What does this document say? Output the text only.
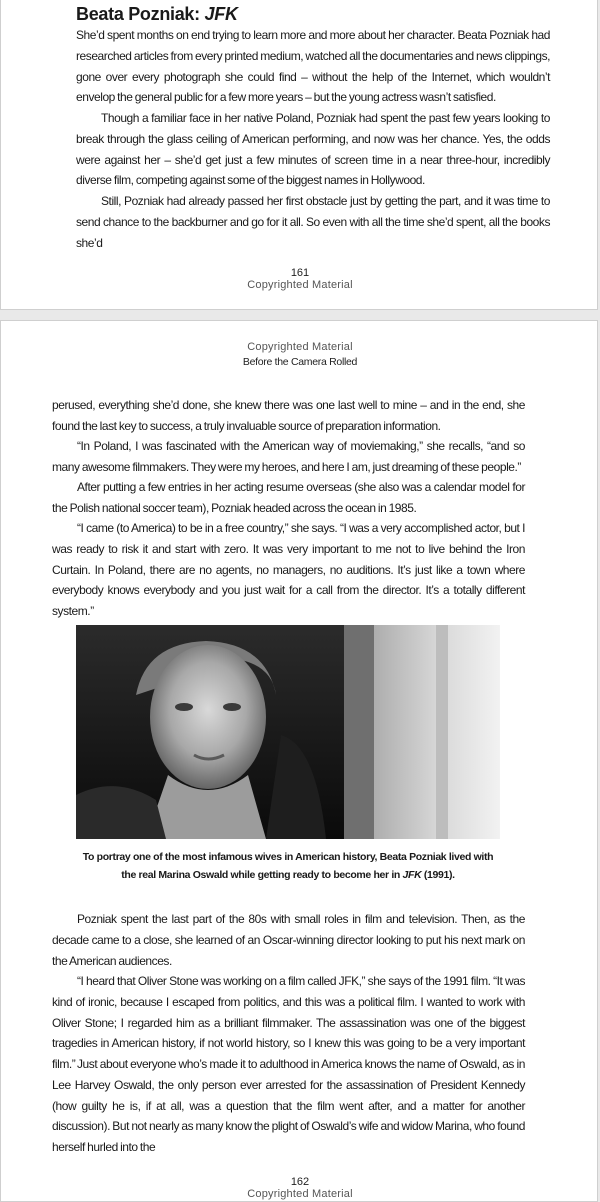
Beata Pozniak: JFK

She’d spent months on end trying to learn more and more about her character. Beata Pozniak had researched articles from every printed medium, watched all the documentaries and news clippings, gone over every photograph she could find – without the help of the Internet, which wouldn’t envelop the general public for a few more years – but the young actress wasn’t satisfied.

Though a familiar face in her native Poland, Pozniak had spent the past few years looking to break through the glass ceiling of American performing, and now was her chance. Yes, the odds were against her – she’d get just a few minutes of screen time in a near three-hour, incredibly diverse film, competing against some of the biggest names in Hollywood.

Still, Pozniak had already passed her first obstacle just by getting the part, and it was time to send chance to the backburner and go for it all. So even with all the time she’d spent, all the books she’d

161
Copyrighted Material
Copyrighted Material
Before the Camera Rolled

perused, everything she’d done, she knew there was one last well to mine – and in the end, she found the last key to success, a truly invaluable source of preparation information.

“In Poland, I was fascinated with the American way of moviemaking,” she recalls, “and so many awesome filmmakers. They were my heroes, and here I am, just dreaming of these people.”

After putting a few entries in her acting resume overseas (she also was a calendar model for the Polish national soccer team), Pozniak headed across the ocean in 1985.

“I came (to America) to be in a free country,” she says. “I was a very accomplished actor, but I was ready to risk it and start with zero. It was very important to me not to live behind the Iron Curtain. In Poland, there are no agents, no managers, no auditions. It’s just like a town where everybody knows everybody and you just wait for a call from the director. It’s a totally different system.”

To portray one of the most infamous wives in American history, Beata Pozniak lived with the real Marina Oswald while getting ready to become her in JFK (1991).

Pozniak spent the last part of the 80s with small roles in film and television. Then, as the decade came to a close, she learned of an Oscar-winning director looking to put his next mark on the American audiences.

“I heard that Oliver Stone was working on a film called JFK,” she says of the 1991 film. “It was kind of ironic, because I escaped from politics, and this was a political film. I wanted to work with Oliver Stone; I regarded him as a brilliant filmmaker. The assassination was one of the biggest tragedies in American history, if not world history, so I knew this was going to be a very important film.” Just about everyone who’s made it to adulthood in America knows the name of Oswald, as in Lee Harvey Oswald, the only person ever arrested for the assassination of President Kennedy (how guilty he is, if at all, was a question that the film went after, and a matter for another discussion). But not nearly as many know the plight of Oswald’s wife and widow Marina, who found herself hurled into the

162
Copyrighted Material
